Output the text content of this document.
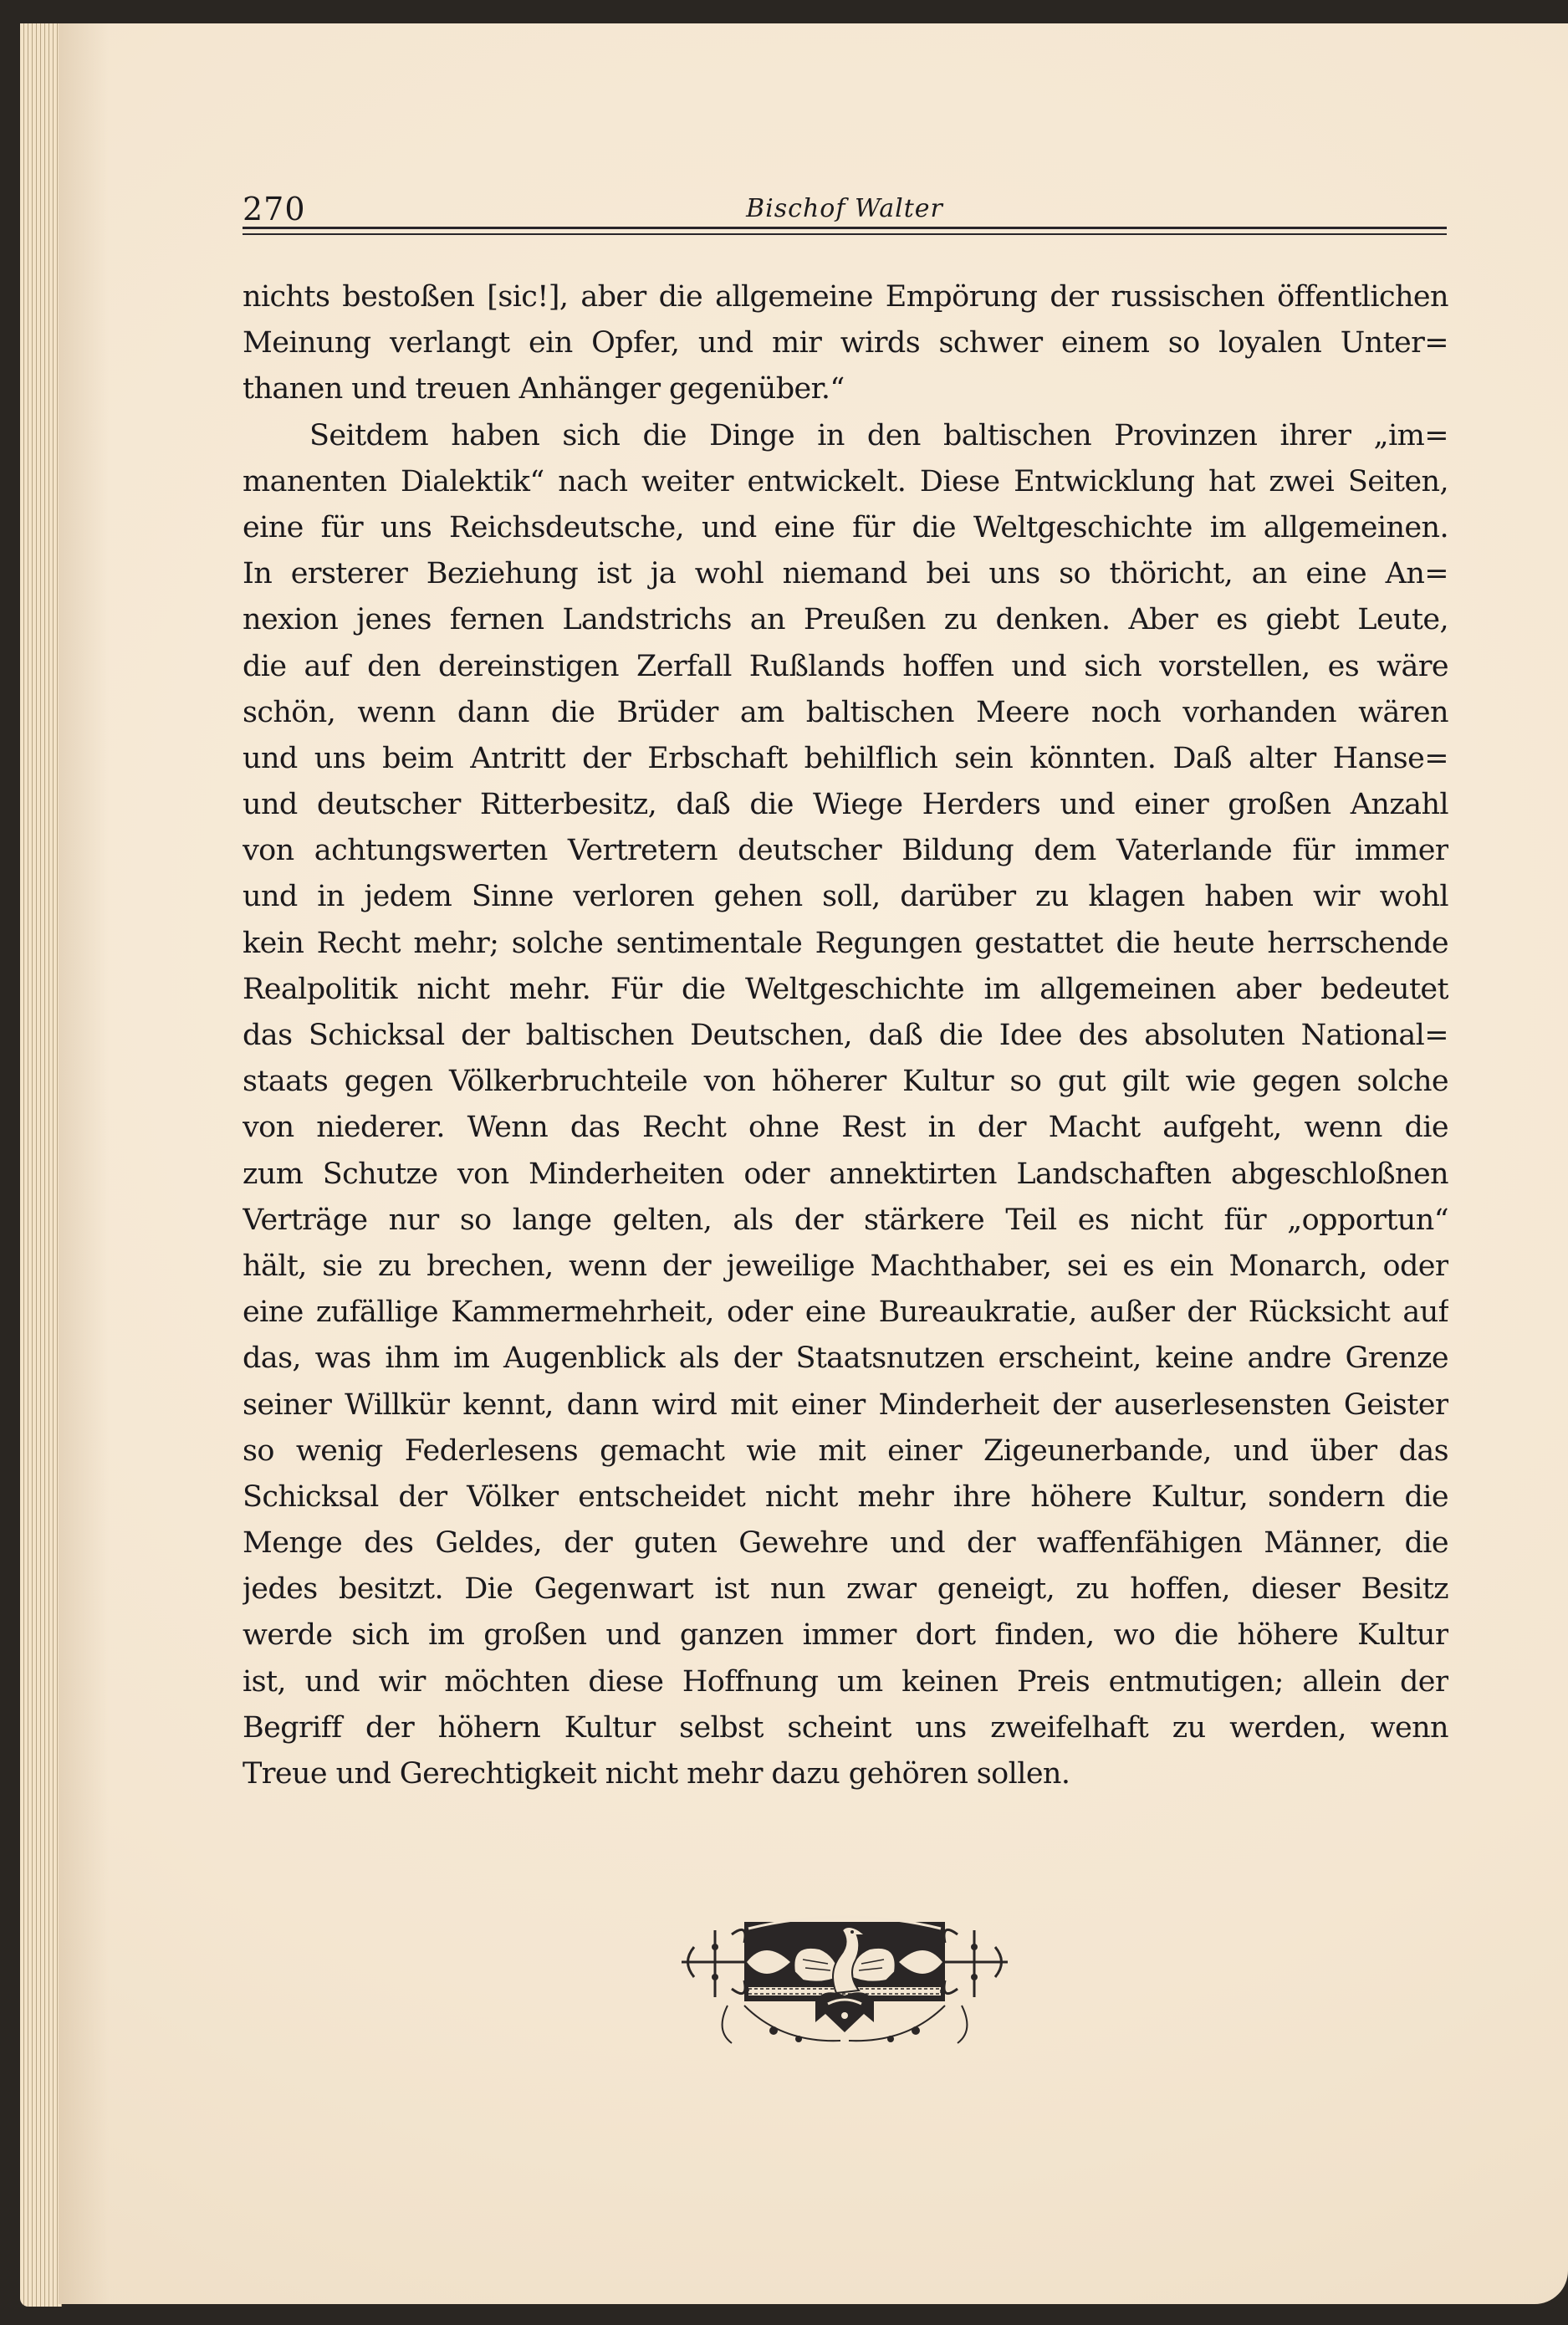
270	Bischof Walter
nichts bestoßen [sic!], aber die allgemeine Empörung der russischen öffentlichen
Meinung verlangt ein Opfer, und mir wirds schwer einem so loyalen Unter=
thanen und treuen Anhänger gegenüber.“
Seitdem haben sich die Dinge in den baltischen Provinzen ihrer „im=
manenten Dialektik“ nach weiter entwickelt. Diese Entwicklung hat zwei Seiten,
eine für uns Reichsdeutsche, und eine für die Weltgeschichte im allgemeinen.
In ersterer Beziehung ist ja wohl niemand bei uns so thöricht, an eine An=
nexion jenes fernen Landstrichs an Preußen zu denken. Aber es giebt Leute,
die auf den dereinstigen Zerfall Rußlands hoffen und sich vorstellen, es wäre
schön, wenn dann die Brüder am baltischen Meere noch vorhanden wären
und uns beim Antritt der Erbschaft behilflich sein könnten. Daß alter Hanse=
und deutscher Ritterbesitz, daß die Wiege Herders und einer großen Anzahl
von achtungswerten Vertretern deutscher Bildung dem Vaterlande für immer
und in jedem Sinne verloren gehen soll, darüber zu klagen haben wir wohl
kein Recht mehr; solche sentimentale Regungen gestattet die heute herrschende
Realpolitik nicht mehr. Für die Weltgeschichte im allgemeinen aber bedeutet
das Schicksal der baltischen Deutschen, daß die Idee des absoluten National=
staats gegen Völkerbruchteile von höherer Kultur so gut gilt wie gegen solche
von niederer. Wenn das Recht ohne Rest in der Macht aufgeht, wenn die
zum Schutze von Minderheiten oder annektirten Landschaften abgeschloßnen
Verträge nur so lange gelten, als der stärkere Teil es nicht für „opportun“
hält, sie zu brechen, wenn der jeweilige Machthaber, sei es ein Monarch, oder
eine zufällige Kammermehrheit, oder eine Bureaukratie, außer der Rücksicht auf
das, was ihm im Augenblick als der Staatsnutzen erscheint, keine andre Grenze
seiner Willkür kennt, dann wird mit einer Minderheit der auserlesensten Geister
so wenig Federlesens gemacht wie mit einer Zigeunerbande, und über das
Schicksal der Völker entscheidet nicht mehr ihre höhere Kultur, sondern die
Menge des Geldes, der guten Gewehre und der waffenfähigen Männer, die
jedes besitzt. Die Gegenwart ist nun zwar geneigt, zu hoffen, dieser Besitz
werde sich im großen und ganzen immer dort finden, wo die höhere Kultur
ist, und wir möchten diese Hoffnung um keinen Preis entmutigen; allein der
Begriff der höhern Kultur selbst scheint uns zweifelhaft zu werden, wenn
Treue und Gerechtigkeit nicht mehr dazu gehören sollen.
